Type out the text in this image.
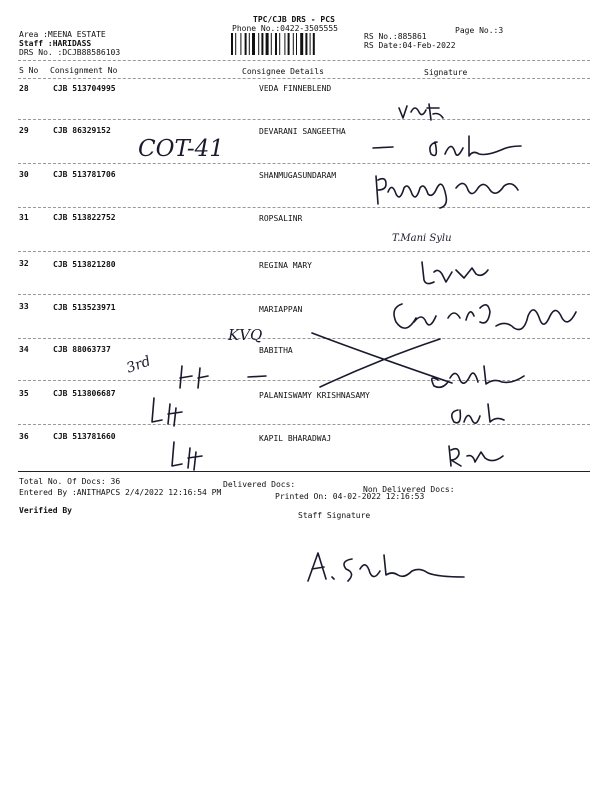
TPC/CJB DRS - PCS
Phone No.:0422-3505555	Page No.:3
Area :MEENA ESTATE
Staff :HARIDASS
DRS No. :DCJB88586103
RS No.:885861
RS Date:04-Feb-2022
S No Consignment No	Consignee Details	Signature
28	CJB 513704995	VEDA FINNEBLEND
29	CJB 86329152	DEVARANI SANGEETHA
30	CJB 513781706	SHANMUGASUNDARAM
31	CJB 513822752	ROPSALINR
32	CJB 513821280	REGINA MARY
33	CJB 513523971	MARIAPPAN
34	CJB 88063737	BABITHA
35	CJB 513806687	PALANISWAMY KRISHNASAMY
36	CJB 513781660	KAPIL BHARADWAJ
Total No. Of Docs: 36	Delivered Docs:
Non Delivered Docs:
Entered By :ANITHAPCS 2/4/2022 12:16:54 PM	Printed On: 04-02-2022 12:16:53
Verified By
Staff Signature
COT-41
T.Mani Sylu
KVQ
3rd
